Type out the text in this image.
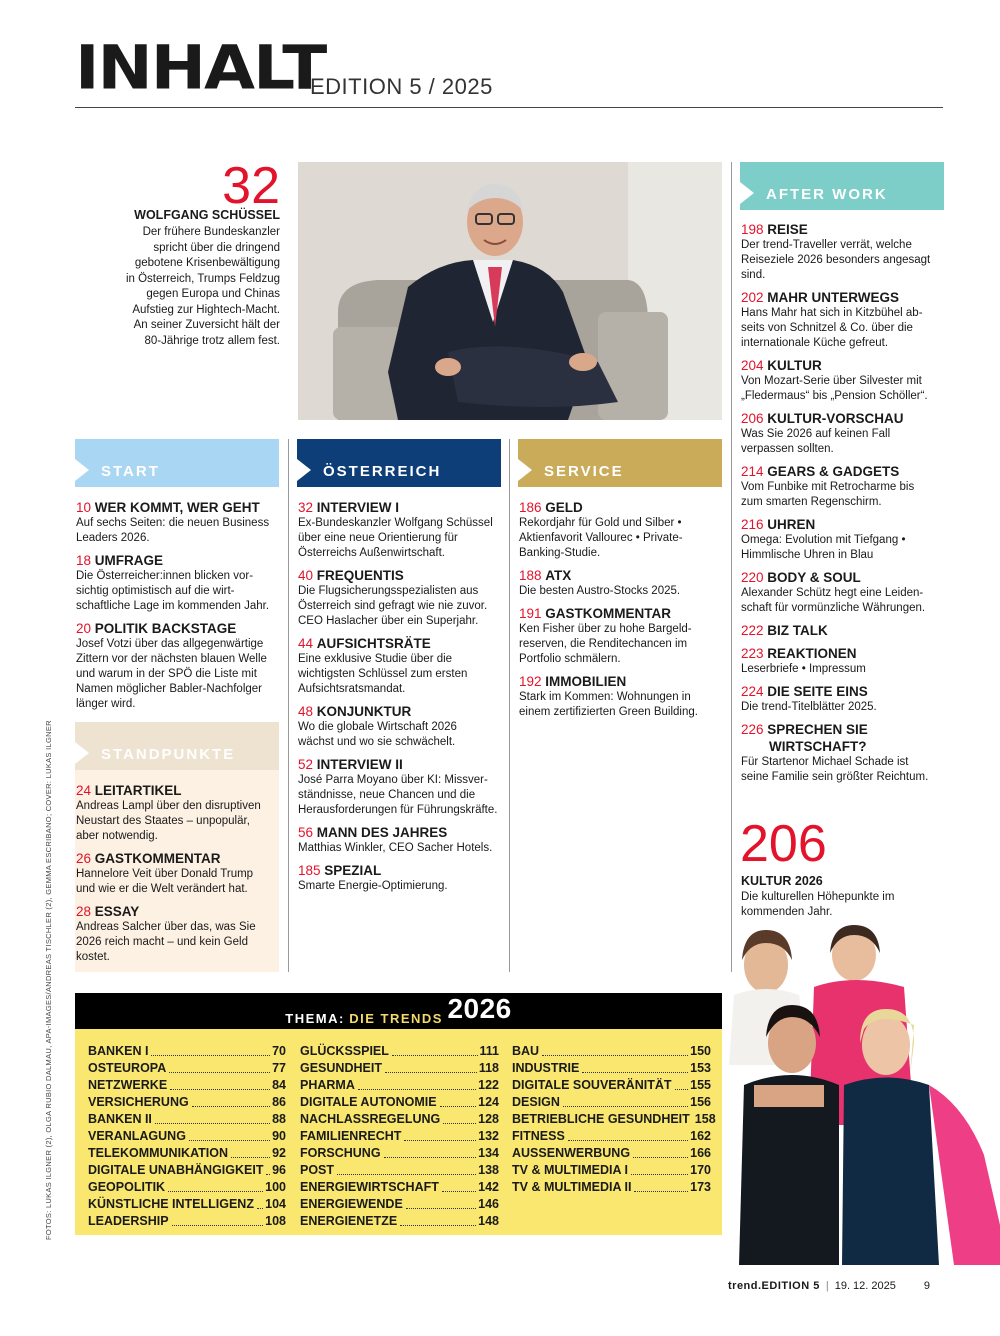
INHALT
EDITION 5 / 2025
32
WOLFGANG SCHÜSSEL
Der frühere Bundeskanzler
spricht über die dringend
gebotene Krisenbewältigung
in Österreich, Trumps Feldzug
gegen Europa und Chinas
Aufstieg zur Hightech-Macht.
An seiner Zuversicht hält der
80-Jährige trotz allem fest.
START	ÖSTERREICH	SERVICE
AFTER WORK
STANDPUNKTE
10 WER KOMMT, WER GEHT
Auf sechs Seiten: die neuen Business
Leaders 2026.
18 UMFRAGE
Die Österreicher:innen blicken vor-
sichtig optimistisch auf die wirt-
schaftliche Lage im kommenden Jahr.
20 POLITIK BACKSTAGE
Josef Votzi über das allgegenwärtige
Zittern vor der nächsten blauen Welle
und warum in der SPÖ die Liste mit
Namen möglicher Babler-Nachfolger
länger wird.
24 LEITARTIKEL
Andreas Lampl über den disruptiven
Neustart des Staates – unpopulär,
aber notwendig.
26 GASTKOMMENTAR
Hannelore Veit über Donald Trump
und wie er die Welt verändert hat.
28 ESSAY
Andreas Salcher über das, was Sie
2026 reich macht – und kein Geld
kostet.
32 INTERVIEW I
Ex-Bundeskanzler Wolfgang Schüssel
über eine neue Orientierung für
Österreichs Außenwirtschaft.
40 FREQUENTIS
Die Flugsicherungsspezialisten aus
Österreich sind gefragt wie nie zuvor.
CEO Haslacher über ein Superjahr.
44 AUFSICHTSRÄTE
Eine exklusive Studie über die
wichtigsten Schlüssel zum ersten
Aufsichtsratsmandat.
48 KONJUNKTUR
Wo die globale Wirtschaft 2026
wächst und wo sie schwächelt.
52 INTERVIEW II
José Parra Moyano über KI: Missver-
ständnisse, neue Chancen und die
Herausforderungen für Führungskräfte.
56 MANN DES JAHRES
Matthias Winkler, CEO Sacher Hotels.
185 SPEZIAL
Smarte Energie-Optimierung.
186 GELD
Rekordjahr für Gold und Silber •
Aktienfavorit Vallourec • Private-
Banking-Studie.
188 ATX
Die besten Austro-Stocks 2025.
191 GASTKOMMENTAR
Ken Fisher über zu hohe Bargeld-
reserven, die Renditechancen im
Portfolio schmälern.
192 IMMOBILIEN
Stark im Kommen: Wohnungen in
einem zertifizierten Green Building.
198 REISE
Der trend-Traveller verrät, welche
Reiseziele 2026 besonders angesagt
sind.
202 MAHR UNTERWEGS
Hans Mahr hat sich in Kitzbühel ab-
seits von Schnitzel & Co. über die
internationale Küche gefreut.
204 KULTUR
Von Mozart-Serie über Silvester mit
„Fledermaus“ bis „Pension Schöller“.
206 KULTUR-VORSCHAU
Was Sie 2026 auf keinen Fall
verpassen sollten.
214 GEARS & GADGETS
Vom Funbike mit Retrocharme bis
zum smarten Regenschirm.
216 UHREN
Omega: Evolution mit Tiefgang •
Himmlische Uhren in Blau
220 BODY & SOUL
Alexander Schütz hegt eine Leiden-
schaft für vormünzliche Währungen.
222 BIZ TALK
223 REAKTIONEN
Leserbriefe • Impressum
224 DIE SEITE EINS
Die trend-Titelblätter 2025.
226 SPRECHEN SIE
WIRTSCHAFT?
Für Startenor Michael Schade ist
seine Familie sein größter Reichtum.
206
KULTUR 2026
Die kulturellen Höhepunkte im
kommenden Jahr.
$_{THEMA:}$ $_{DIE TRENDS}$ 2026
BANKEN I	70
OSTEUROPA	77
NETZWERKE	84
VERSICHERUNG	86
BANKEN II	88
VERANLAGUNG	90
TELEKOMMUNIKATION	92
DIGITALE UNABHÄNGIGKEIT 96
GEOPOLITIK	100
KÜNSTLICHE INTELLIGENZ 104
LEADERSHIP	108
GLÜCKSSPIEL	111
GESUNDHEIT	118
PHARMA	122
DIGITALE AUTONOMIE	124
NACHLASSREGELUNG	128
FAMILIENRECHT	132
FORSCHUNG	134
POST	138
ENERGIEWIRTSCHAFT	142
ENERGIEWENDE	146
ENERGIENETZE	148
BAU	150
INDUSTRIE	153
DIGITALE SOUVERÄNITÄT 155
DESIGN	156
BETRIEBLICHE GESUNDHEIT 158
FITNESS	162
AUSSENWERBUNG	166
TV & MULTIMEDIA I	170
TV & MULTIMEDIA II	173
FOTOS: LUKAS ILGNER (2), OLGA RUBIO DALMAU, APA-IMAGES/ANDREAS TISCHLER (2), GEMMA ESCRIBANO; COVER: LUKAS ILGNER
trend.EDITION 5 | 19. 12. 2025	9
